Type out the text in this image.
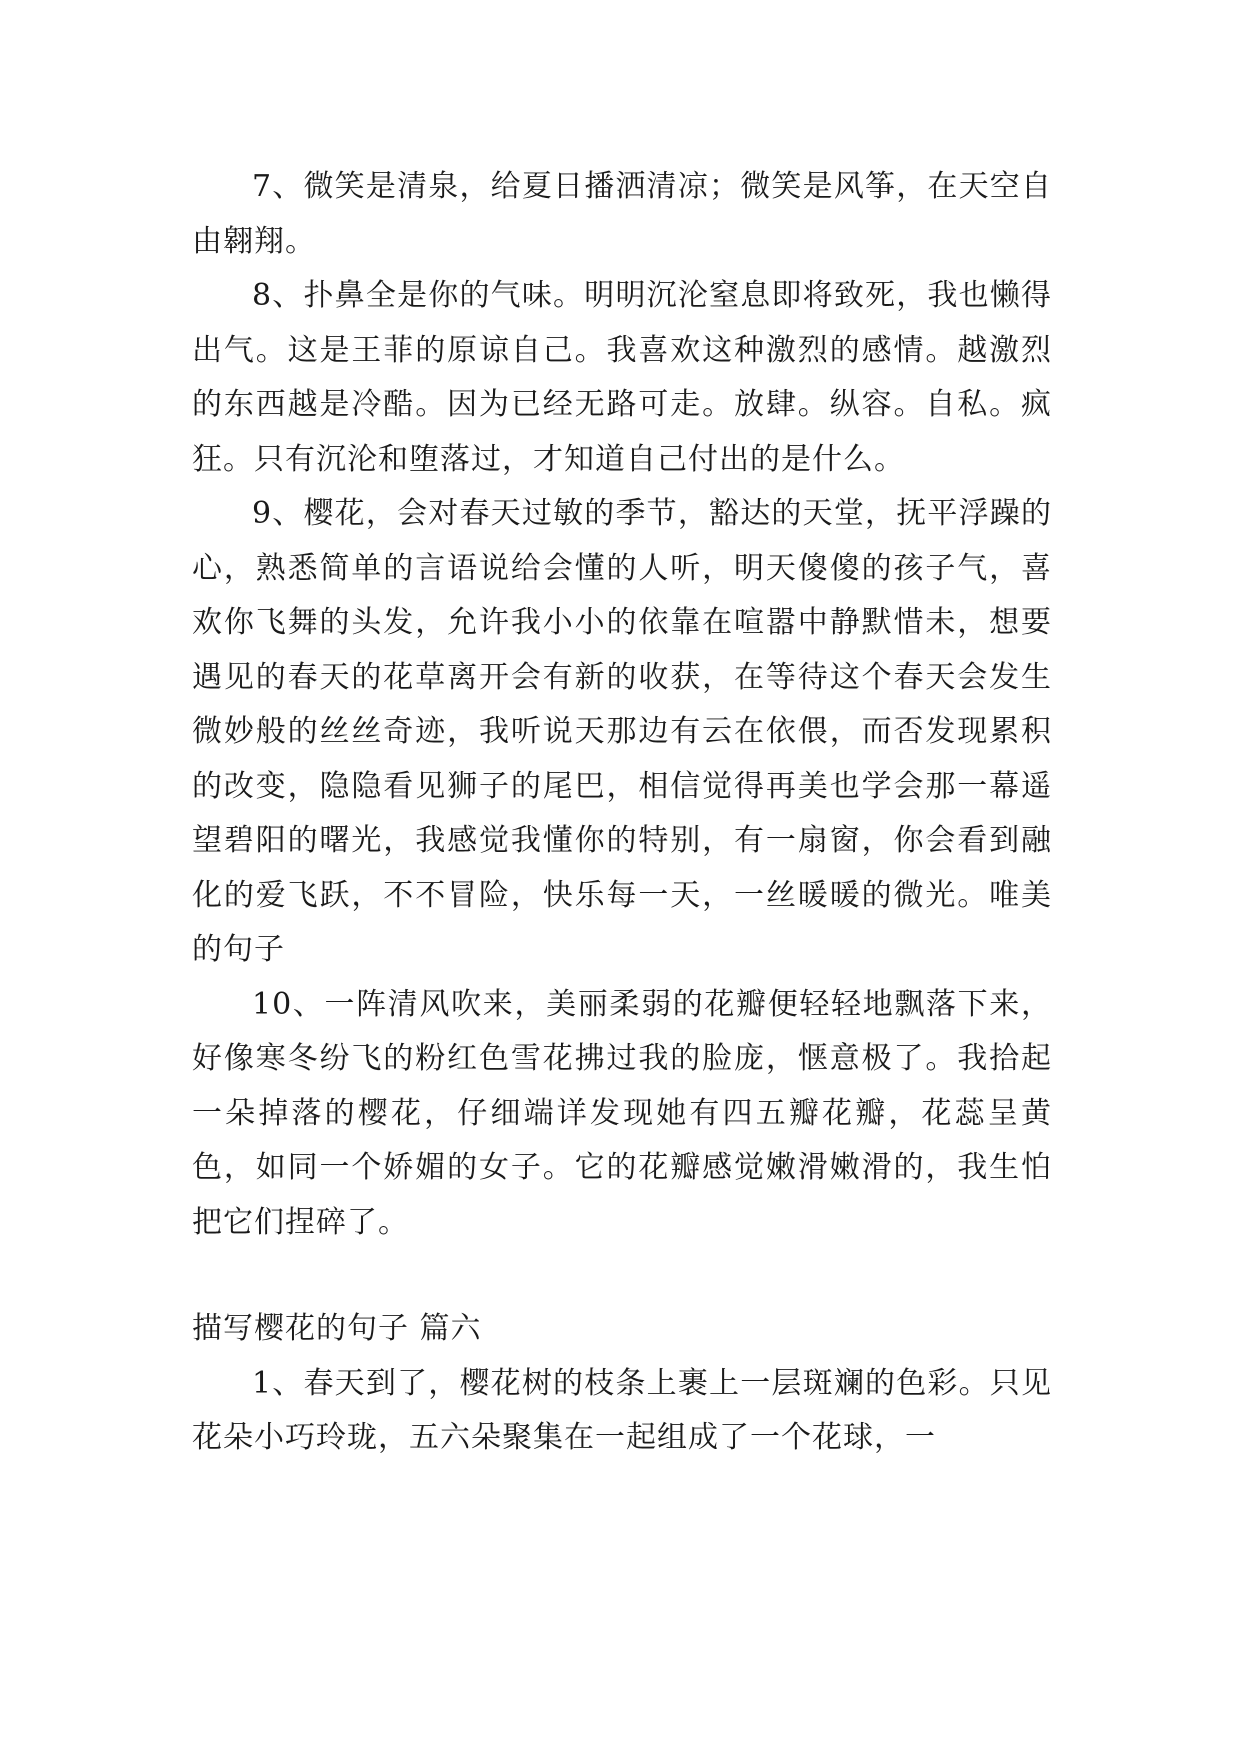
7、微笑是清泉，给夏日播洒清凉；微笑是风筝，在天空自由翱翔。

8、扑鼻全是你的气味。明明沉沦窒息即将致死，我也懒得出气。这是王菲的原谅自己。我喜欢这种激烈的感情。越激烈的东西越是冷酷。因为已经无路可走。放肆。纵容。自私。疯狂。只有沉沦和堕落过，才知道自己付出的是什么。

9、樱花，会对春天过敏的季节，豁达的天堂，抚平浮躁的心，熟悉简单的言语说给会懂的人听，明天傻傻的孩子气，喜欢你飞舞的头发，允许我小小的依靠在喧嚣中静默惜未，想要遇见的春天的花草离开会有新的收获，在等待这个春天会发生微妙般的丝丝奇迹，我听说天那边有云在依偎，而否发现累积的改变，隐隐看见狮子的尾巴，相信觉得再美也学会那一幕遥望碧阳的曙光，我感觉我懂你的特别，有一扇窗，你会看到融化的爱飞跃，不不冒险，快乐每一天，一丝暖暖的微光。唯美的句子

10、一阵清风吹来，美丽柔弱的花瓣便轻轻地飘落下来，好像寒冬纷飞的粉红色雪花拂过我的脸庞，惬意极了。我拾起一朵掉落的樱花，仔细端详发现她有四五瓣花瓣，花蕊呈黄色，如同一个娇媚的女子。它的花瓣感觉嫩滑嫩滑的，我生怕把它们捏碎了。

描写樱花的句子 篇六

1、春天到了，樱花树的枝条上裹上一层斑斓的色彩。只见花朵小巧玲珑，五六朵聚集在一起组成了一个花球，一
